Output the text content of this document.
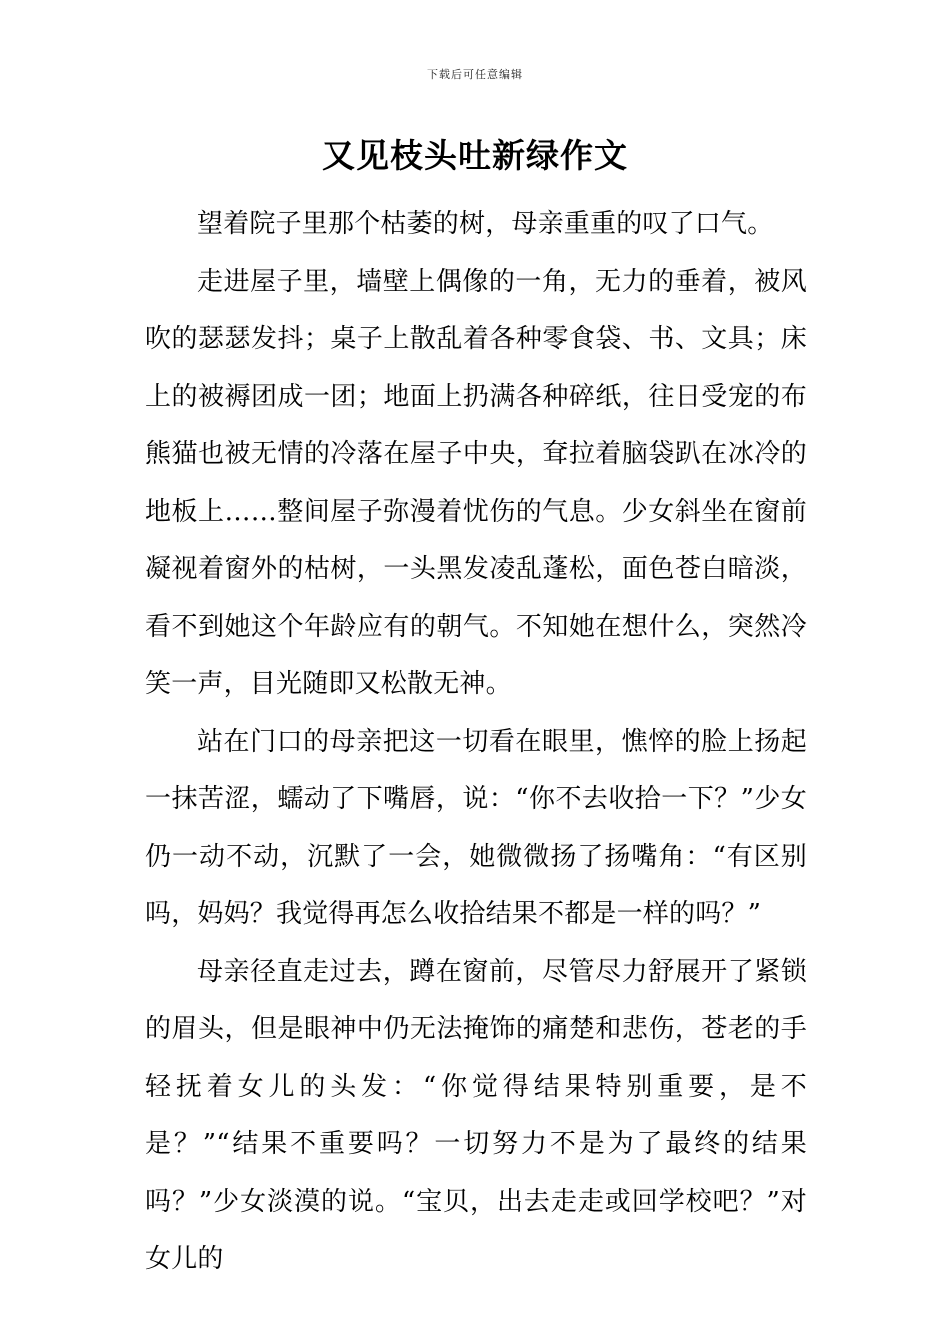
下载后可任意编辑
又见枝头吐新绿作文

望着院子里那个枯萎的树，母亲重重的叹了口气。

走进屋子里，墙壁上偶像的一角，无力的垂着，被风吹的瑟瑟发抖；桌子上散乱着各种零食袋、书、文具；床上的被褥团成一团；地面上扔满各种碎纸，往日受宠的布熊猫也被无情的冷落在屋子中央，耷拉着脑袋趴在冰冷的地板上……整间屋子弥漫着忧伤的气息。少女斜坐在窗前凝视着窗外的枯树，一头黑发凌乱蓬松，面色苍白暗淡，看不到她这个年龄应有的朝气。不知她在想什么，突然冷笑一声，目光随即又松散无神。

站在门口的母亲把这一切看在眼里，憔悴的脸上扬起一抹苦涩，蠕动了下嘴唇，说：“你不去收拾一下？”少女仍一动不动，沉默了一会，她微微扬了扬嘴角：“有区别吗，妈妈？我觉得再怎么收拾结果不都是一样的吗？”

母亲径直走过去，蹲在窗前，尽管尽力舒展开了紧锁的眉头，但是眼神中仍无法掩饰的痛楚和悲伤，苍老的手轻抚着女儿的头发：“你觉得结果特别重要，是不是？”“结果不重要吗？一切努力不是为了最终的结果吗？”少女淡漠的说。“宝贝，出去走走或回学校吧？”对女儿的
